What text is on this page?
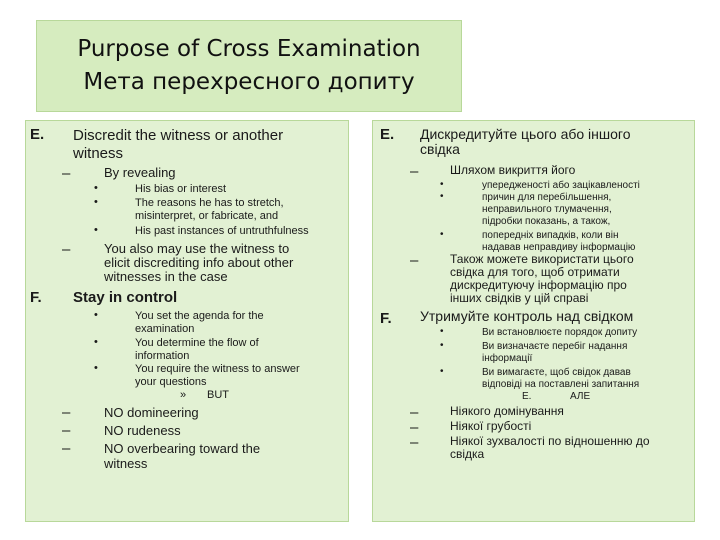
Purpose of Cross Examination
Мета перехресного допиту
E. Discredit the witness or another
witness
–	By revealing
•	His bias or interest
•	The reasons he has to stretch,
misinterpret, or fabricate, and
•	His past instances of untruthfulness
–	You also may use the witness to
elicit discrediting info about other
witnesses in the case
F. Stay in control
•	You set the agenda for the
examination
•	You determine the flow of
information
•	You require the witness to answer
your questions
» BUT
–	NO domineering
–	NO rudeness
–	NO overbearing toward the
witness
E. Дискредитуйте цього або іншого
свідка
–	Шляхом викриття його
•	упередженості або зацікавленості
•	причин для перебільшення,
неправильного тлумачення,
підробки показань, а також,
•	попередніх випадків, коли він
надавав неправдиву інформацію
–	Також можете використати цього
свідка для того, щоб отримати
дискредитуючу інформацію про
інших свідків у цій справі
F. Утримуйте контроль над свідком
•	Ви встановлюєте порядок допиту
•	Ви визначаєте перебіг надання
інформації
•	Ви вимагаєте, щоб свідок давав
відповіді на поставлені запитання
E.	АЛЕ
–	Ніякого домінування
–	Ніякої грубості
–	Ніякої зухвалості по відношенню до
свідка
